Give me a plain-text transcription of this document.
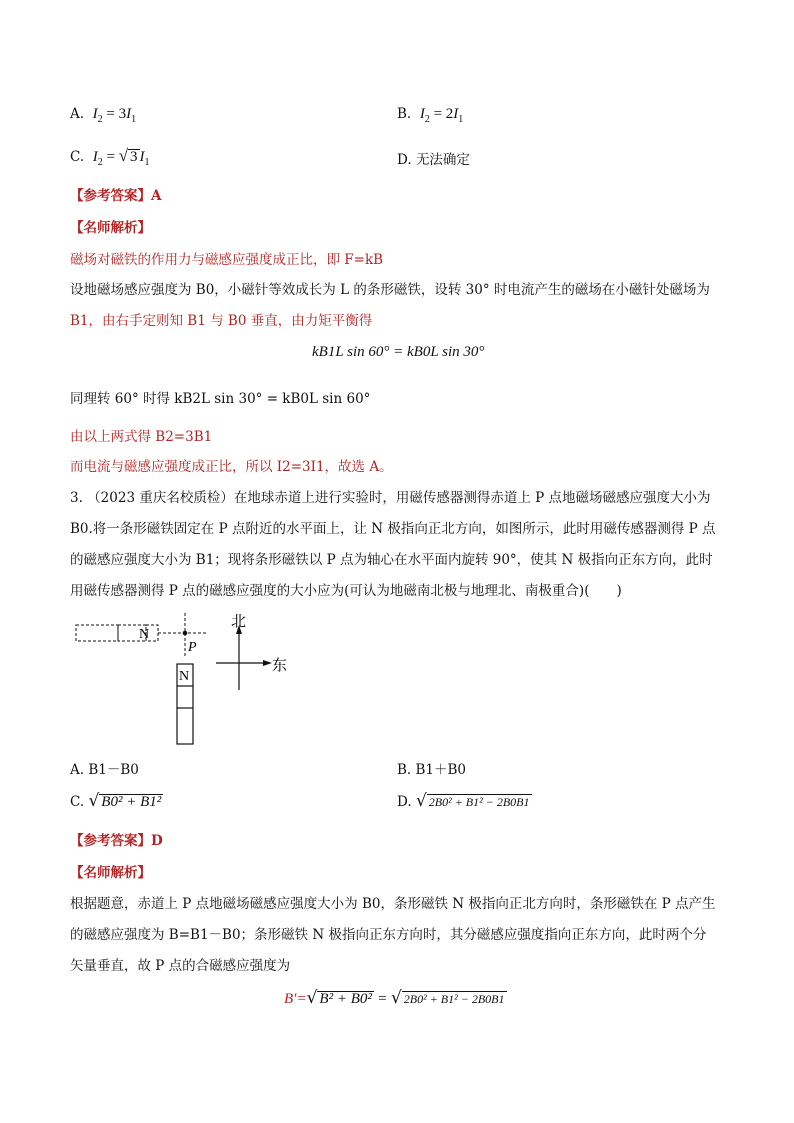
A. $I_2 = 3I_1$	B. $I_2 = 2I_1$
C. $I_2$ = √ 3 $I_1$	D. 无法确定
【参考答案】A
【名师解析】
磁场对磁铁的作用力与磁感应强度成正比，即 F=kB
设地磁场感应强度为 B0，小磁针等效成长为 L 的条形磁铁，设转 30° 时电流产生的磁场在小磁针处磁场为
B1，由右手定则知 B1 与 B0 垂直，由力矩平衡得
kB1L sin 60° = kB0L sin 30°
同理转 60° 时得 kB2L sin 30° = kB0L sin 60°
由以上两式得 B2=3B1
而电流与磁感应强度成正比，所以 I2=3I1，故选 A。
3. （2023 重庆名校质检）在地球赤道上进行实验时，用磁传感器测得赤道上 P 点地磁场磁感应强度大小为
B0.将一条形磁铁固定在 P 点附近的水平面上，让 N 极指向正北方向，如图所示，此时用磁传感器测得 P 点
的磁感应强度大小为 B1；现将条形磁铁以 P 点为轴心在水平面内旋转 90°，使其 N 极指向正东方向，此时
用磁传感器测得 P 点的磁感应强度的大小应为(可认为地磁南北极与地理北、南极重合)(　　)
N
P
N
北
东
A. B1－B0	B. B1＋B0
C. √ B0² + B1²	D. √ 2B0² + B1² − 2B0B1
【参考答案】D
【名师解析】
根据题意，赤道上 P 点地磁场磁感应强度大小为 B0，条形磁铁 N 极指向正北方向时，条形磁铁在 P 点产生
的磁感应强度为 B=B1－B0；条形磁铁 N 极指向正东方向时，其分磁感应强度指向正东方向，此时两个分
矢量垂直，故 P 点的合磁感应强度为
B′=√ B² + B0² = √ 2B0² + B1² − 2B0B1
